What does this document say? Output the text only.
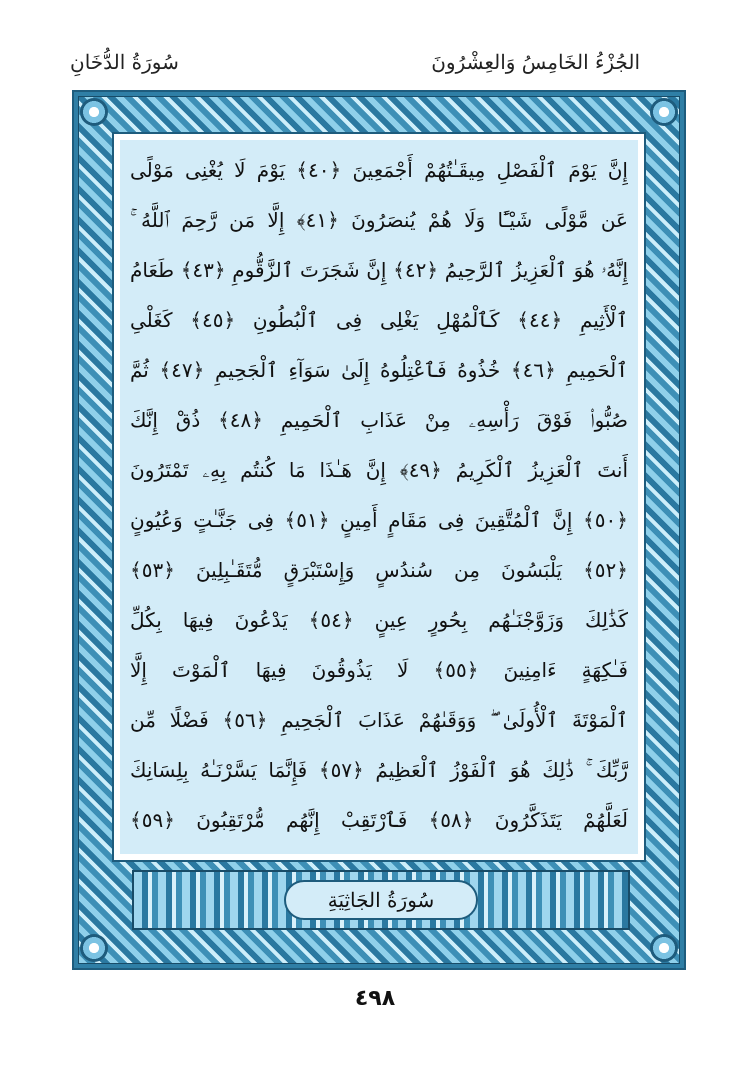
الجُزْءُ الخَامِسُ وَالعِشْرُونَ
سُورَةُ الدُّخَانِ
إِنَّ يَوْمَ ٱلْفَصْلِ مِيقَـٰتُهُمْ أَجْمَعِينَ ﴿٤٠﴾ يَوْمَ لَا يُغْنِى مَوْلًى
عَن مَّوْلًى شَيْـًٔا وَلَا هُمْ يُنصَرُونَ ﴿٤١﴾ إِلَّا مَن رَّحِمَ ٱللَّهُ ۚ
إِنَّهُۥ هُوَ ٱلْعَزِيزُ ٱلرَّحِيمُ ﴿٤٢﴾ إِنَّ شَجَرَتَ ٱلزَّقُّومِ ﴿٤٣﴾ طَعَامُ
ٱلْأَثِيمِ ﴿٤٤﴾ كَٱلْمُهْلِ يَغْلِى فِى ٱلْبُطُونِ ﴿٤٥﴾ كَغَلْىِ
ٱلْحَمِيمِ ﴿٤٦﴾ خُذُوهُ فَٱعْتِلُوهُ إِلَىٰ سَوَآءِ ٱلْجَحِيمِ ﴿٤٧﴾ ثُمَّ
صُبُّوا۟ فَوْقَ رَأْسِهِۦ مِنْ عَذَابِ ٱلْحَمِيمِ ﴿٤٨﴾ ذُقْ إِنَّكَ
أَنتَ ٱلْعَزِيزُ ٱلْكَرِيمُ ﴿٤٩﴾ إِنَّ هَـٰذَا مَا كُنتُم بِهِۦ تَمْتَرُونَ
﴿٥٠﴾ إِنَّ ٱلْمُتَّقِينَ فِى مَقَامٍ أَمِينٍ ﴿٥١﴾ فِى جَنَّـٰتٍ وَعُيُونٍ
﴿٥٢﴾ يَلْبَسُونَ مِن سُندُسٍ وَإِسْتَبْرَقٍ مُّتَقَـٰبِلِينَ ﴿٥٣﴾
كَذَٰلِكَ وَزَوَّجْنَـٰهُم بِحُورٍ عِينٍ ﴿٥٤﴾ يَدْعُونَ فِيهَا بِكُلِّ
فَـٰكِهَةٍ ءَامِنِينَ ﴿٥٥﴾ لَا يَذُوقُونَ فِيهَا ٱلْمَوْتَ إِلَّا
ٱلْمَوْتَةَ ٱلْأُولَىٰ ۖ وَوَقَىٰهُمْ عَذَابَ ٱلْجَحِيمِ ﴿٥٦﴾ فَضْلًا مِّن
رَّبِّكَ ۚ ذَٰلِكَ هُوَ ٱلْفَوْزُ ٱلْعَظِيمُ ﴿٥٧﴾ فَإِنَّمَا يَسَّرْنَـٰهُ بِلِسَانِكَ
لَعَلَّهُمْ يَتَذَكَّرُونَ ﴿٥٨﴾ فَٱرْتَقِبْ إِنَّهُم مُّرْتَقِبُونَ ﴿٥٩﴾
سُورَةُ الجَاثِيَةِ
٤٩٨
